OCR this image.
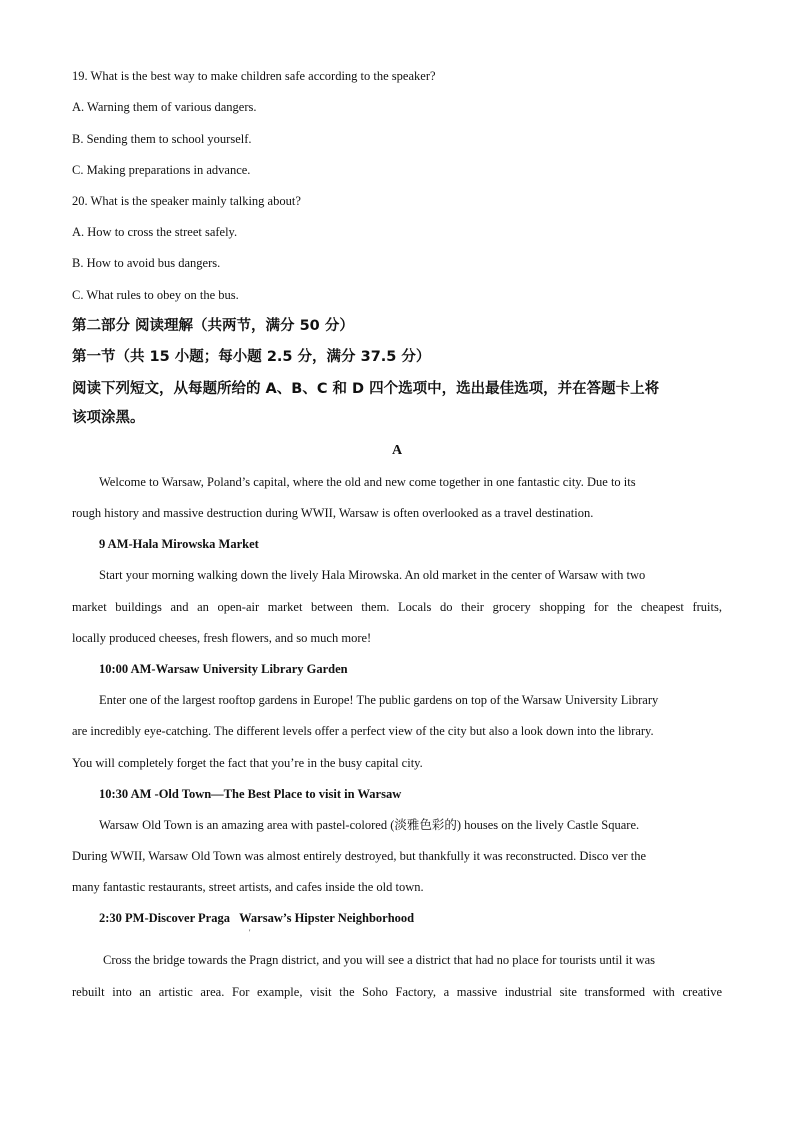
19. What is the best way to make children safe according to the speaker?
A. Warning them of various dangers.
B. Sending them to school yourself.
C. Making preparations in advance.
20. What is the speaker mainly talking about?
A. How to cross the street safely.
B. How to avoid bus dangers.
C. What rules to obey on the bus.
第二部分 阅读理解（共两节，满分 50 分）
第一节（共 15 小题；每小题 2.5 分，满分 37.5 分）
阅读下列短文，从每题所给的 A、B、C 和 D 四个选项中，选出最佳选项，并在答题卡上将
该项涂黑。
A
Welcome to Warsaw, Poland’s capital, where the old and new come together in one fantastic city. Due to its
rough history and massive destruction during WWII, Warsaw is often overlooked as a travel destination.
9 AM-Hala Mirowska Market
Start your morning walking down the lively Hala Mirowska. An old market in the center of Warsaw with two
market buildings and an open-air market between them. Locals do their grocery shopping for the cheapest fruits,
locally produced cheeses, fresh flowers, and so much more!
10:00 AM-Warsaw University Library Garden
Enter one of the largest rooftop gardens in Europe! The public gardens on top of the Warsaw University Library
are incredibly eye-catching. The different levels offer a perfect view of the city but also a look down into the library.
You will completely forget the fact that you’re in the busy capital city.
10:30 AM -Old Town—The Best Place to visit in Warsaw
Warsaw Old Town is an amazing area with pastel-colored (淡雅色彩的) houses on the lively Castle Square.
During WWII, Warsaw Old Town was almost entirely destroyed, but thankfully it was reconstructed. Disco ver the
many fantastic restaurants, street artists, and cafes inside the old town.
2:30 PM-Discover Praga   Warsaw’s Hipster Neighborhood
'
Cross the bridge towards the Pragn district, and you will see a district that had no place for tourists until it was
rebuilt into an artistic area. For example, visit the Soho Factory, a massive industrial site transformed with creative
